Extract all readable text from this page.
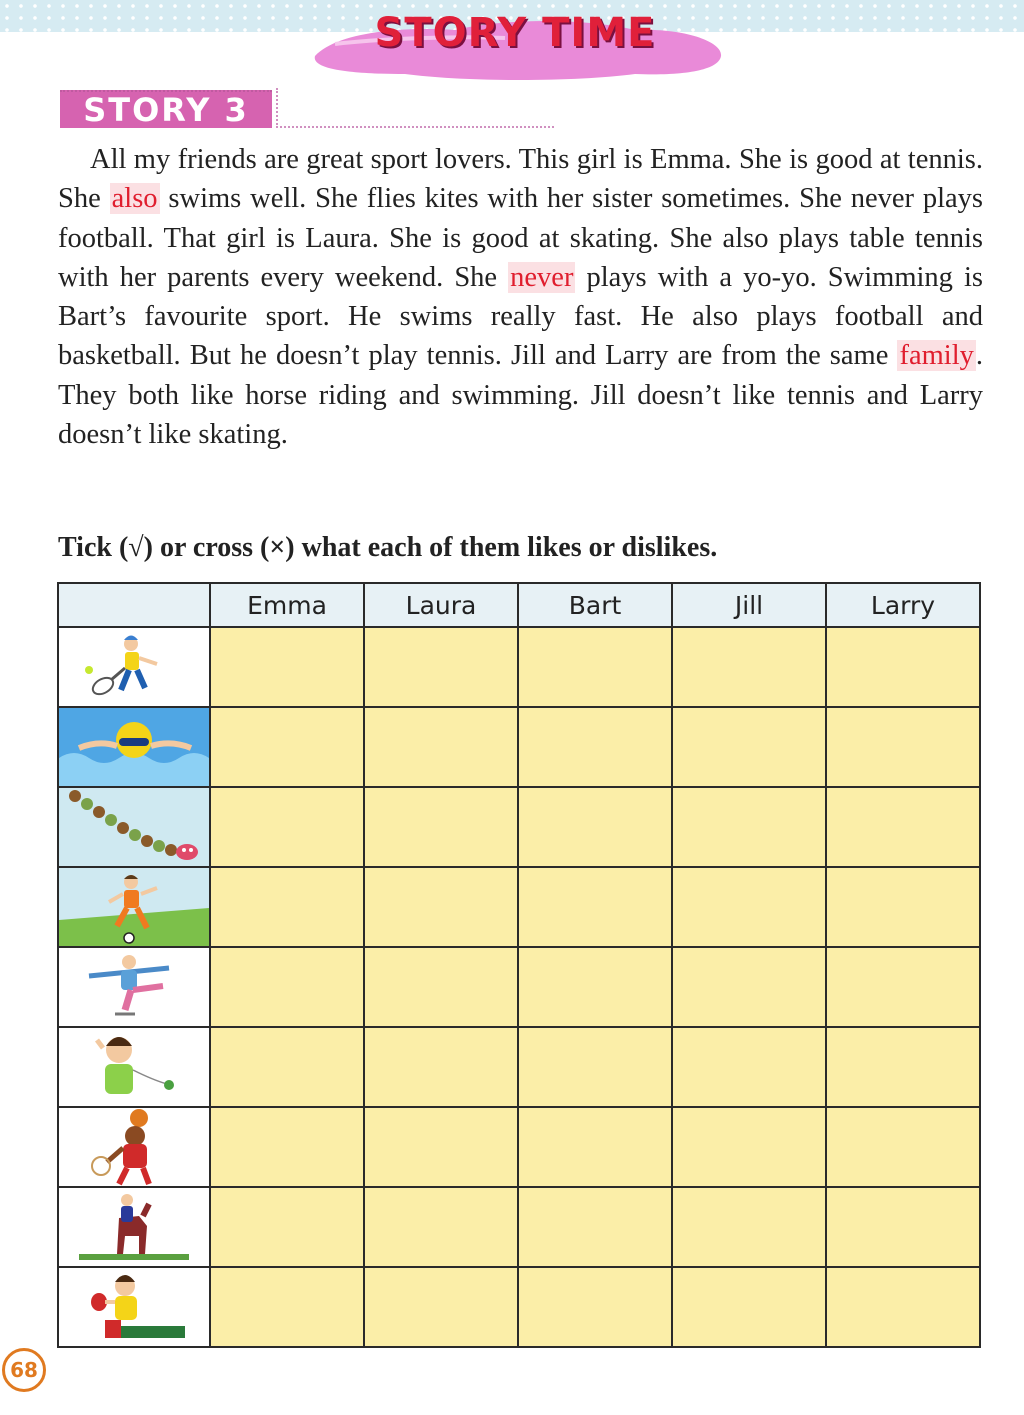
STORY TIME
STORY 3
All my friends are great sport lovers. This girl is Emma. She is good at tennis. She also swims well. She flies kites with her sister sometimes. She never plays football. That girl is Laura. She is good at skating. She also plays table tennis with her parents every weekend. She never plays with a yo-yo. Swimming is Bart’s favourite sport. He swims really fast. He also plays football and basketball. But he doesn’t play tennis. Jill and Larry are from the same family. They both like horse riding and swimming. Jill doesn’t like tennis and Larry doesn’t like skating.
Tick (√) or cross (×) what each of them likes or dislikes.
	Emma	Laura	Bart	Jill	Larry

68
